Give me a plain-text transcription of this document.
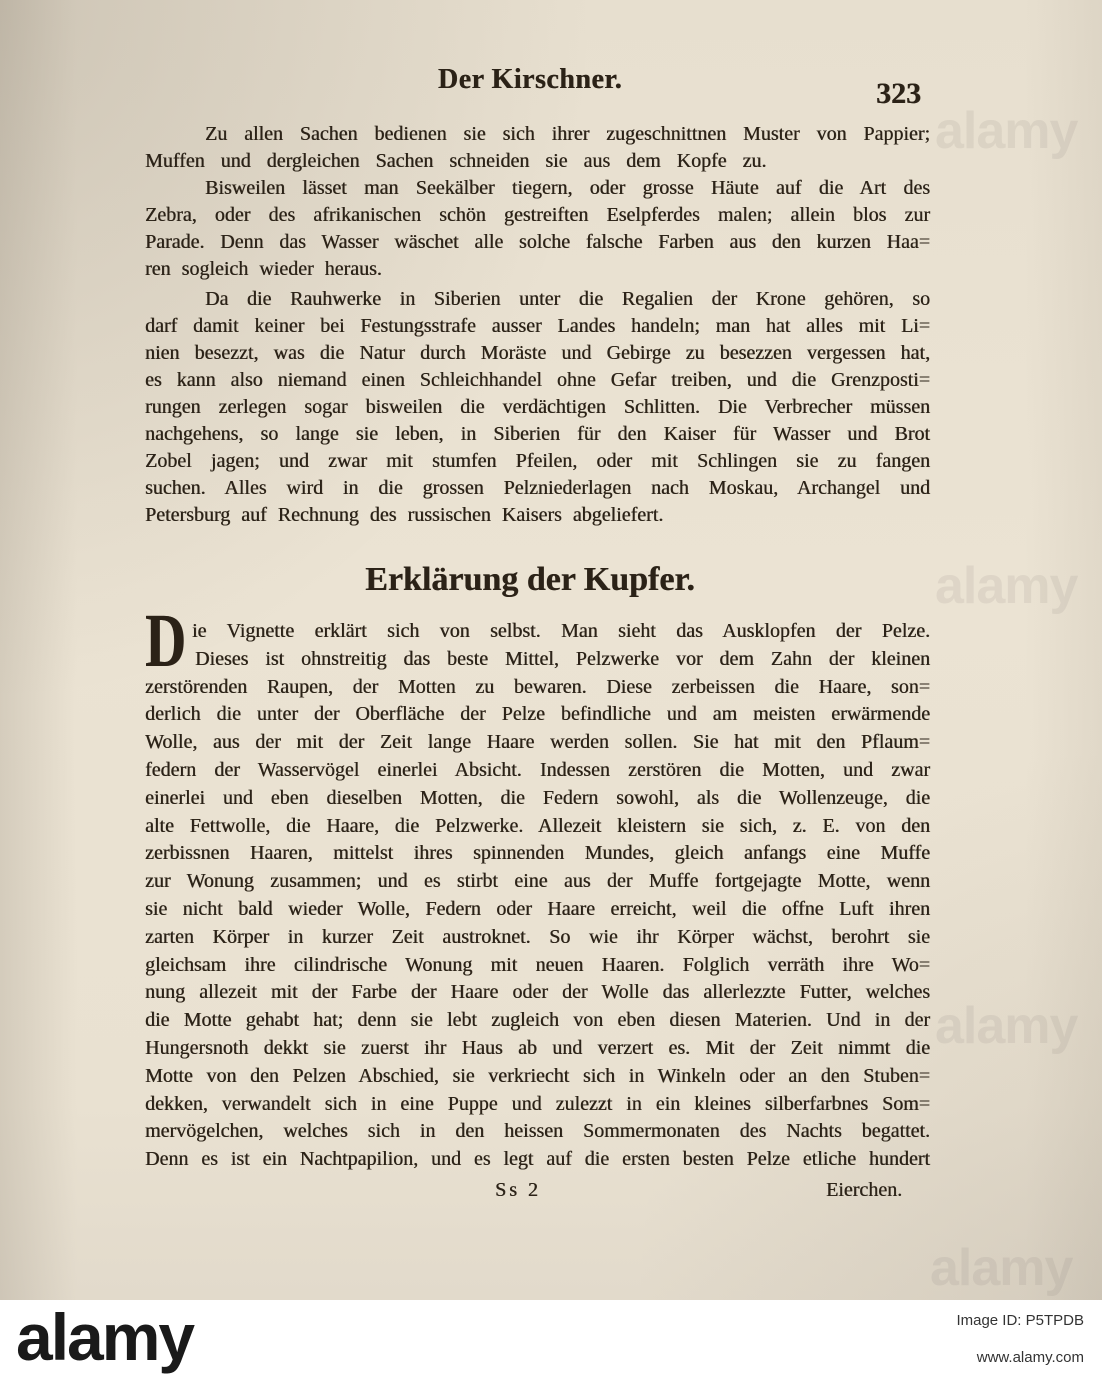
Der Kirschner.	323
Zu allen Sachen bedienen sie sich ihrer zugeschnittnen Muster von Pappier;
Muffen und dergleichen Sachen schneiden sie aus dem Kopfe zu.
Bisweilen lässet man Seekälber tiegern, oder grosse Häute auf die Art des
Zebra, oder des afrikanischen schön gestreiften Eselpferdes malen; allein blos zur
Parade. Denn das Wasser wäschet alle solche falsche Farben aus den kurzen Haa=
ren sogleich wieder heraus.
Da die Rauhwerke in Siberien unter die Regalien der Krone gehören, so
darf damit keiner bei Festungsstrafe ausser Landes handeln; man hat alles mit Li=
nien besezzt, was die Natur durch Moräste und Gebirge zu besezzen vergessen hat,
es kann also niemand einen Schleichhandel ohne Gefar treiben, und die Grenzposti=
rungen zerlegen sogar bisweilen die verdächtigen Schlitten. Die Verbrecher müssen
nachgehens, so lange sie leben, in Siberien für den Kaiser für Wasser und Brot
Zobel jagen; und zwar mit stumfen Pfeilen, oder mit Schlingen sie zu fangen
suchen. Alles wird in die grossen Pelzniederlagen nach Moskau, Archangel und
Petersburg auf Rechnung des russischen Kaisers abgeliefert.
Erklärung der Kupfer.
D ie Vignette erklärt sich von selbst. Man sieht das Ausklopfen der Pelze.
Dieses ist ohnstreitig das beste Mittel, Pelzwerke vor dem Zahn der kleinen
zerstörenden Raupen, der Motten zu bewaren. Diese zerbeissen die Haare, son=
derlich die unter der Oberfläche der Pelze befindliche und am meisten erwärmende
Wolle, aus der mit der Zeit lange Haare werden sollen. Sie hat mit den Pflaum=
federn der Wasservögel einerlei Absicht. Indessen zerstören die Motten, und zwar
einerlei und eben dieselben Motten, die Federn sowohl, als die Wollenzeuge, die
alte Fettwolle, die Haare, die Pelzwerke. Allezeit kleistern sie sich, z. E. von den
zerbissnen Haaren, mittelst ihres spinnenden Mundes, gleich anfangs eine Muffe
zur Wonung zusammen; und es stirbt eine aus der Muffe fortgejagte Motte, wenn
sie nicht bald wieder Wolle, Federn oder Haare erreicht, weil die offne Luft ihren
zarten Körper in kurzer Zeit austroknet. So wie ihr Körper wächst, berohrt sie
gleichsam ihre cilindrische Wonung mit neuen Haaren. Folglich verräth ihre Wo=
nung allezeit mit der Farbe der Haare oder der Wolle das allerlezzte Futter, welches
die Motte gehabt hat; denn sie lebt zugleich von eben diesen Materien. Und in der
Hungersnoth dekkt sie zuerst ihr Haus ab und verzert es. Mit der Zeit nimmt die
Motte von den Pelzen Abschied, sie verkriecht sich in Winkeln oder an den Stuben=
dekken, verwandelt sich in eine Puppe und zulezzt in ein kleines silberfarbnes Som=
mervögelchen, welches sich in den heissen Sommermonaten des Nachts begattet.
Denn es ist ein Nachtpapilion, und es legt auf die ersten besten Pelze etliche hundert
Ss 2	Eierchen.
alamy
alamy
alamy
alamy
alamy	Image ID: P5TPDB
www.alamy.com
